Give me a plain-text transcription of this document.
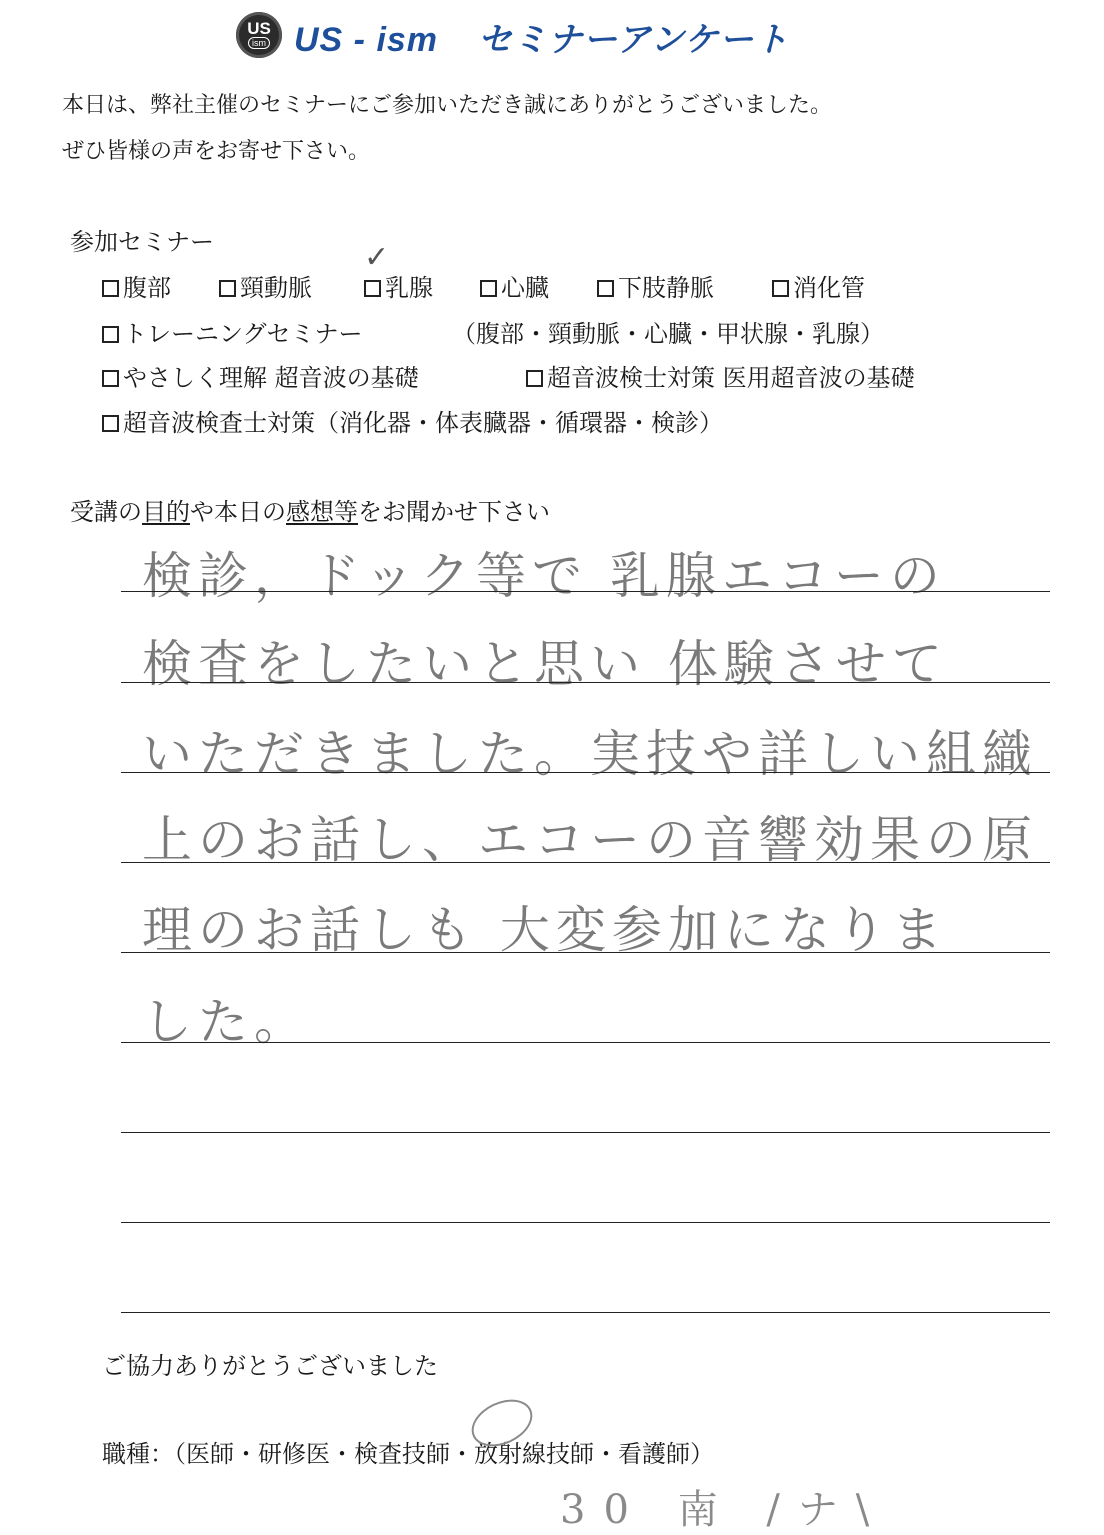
US
ism US - ism セミナーアンケート
本日は、弊社主催のセミナーにご参加いただき誠にありがとうございました。
ぜひ皆様の声をお寄せ下さい。
参加セミナー
腹部	頸動脈	乳腺
✓
心臓	下肢静脈	消化管
トレーニングセミナー	（腹部・頸動脈・心臓・甲状腺・乳腺）
やさしく理解 超音波の基礎	超音波検士対策 医用超音波の基礎
超音波検査士対策（消化器・体表臓器・循環器・検診）
受講の目的や本日の感想等をお聞かせ下さい
検診，ドック等で 乳腺エコーの
検査をしたいと思い 体験させて
いただきました。実技や詳しい組織
上のお話し、エコーの音響効果の原
理のお話しも 大変参加になりま
した。
ご協力ありがとうございました
職種：（医師・研修医・検査技師・放射線技師・看護師）
30 南 /ナ\
